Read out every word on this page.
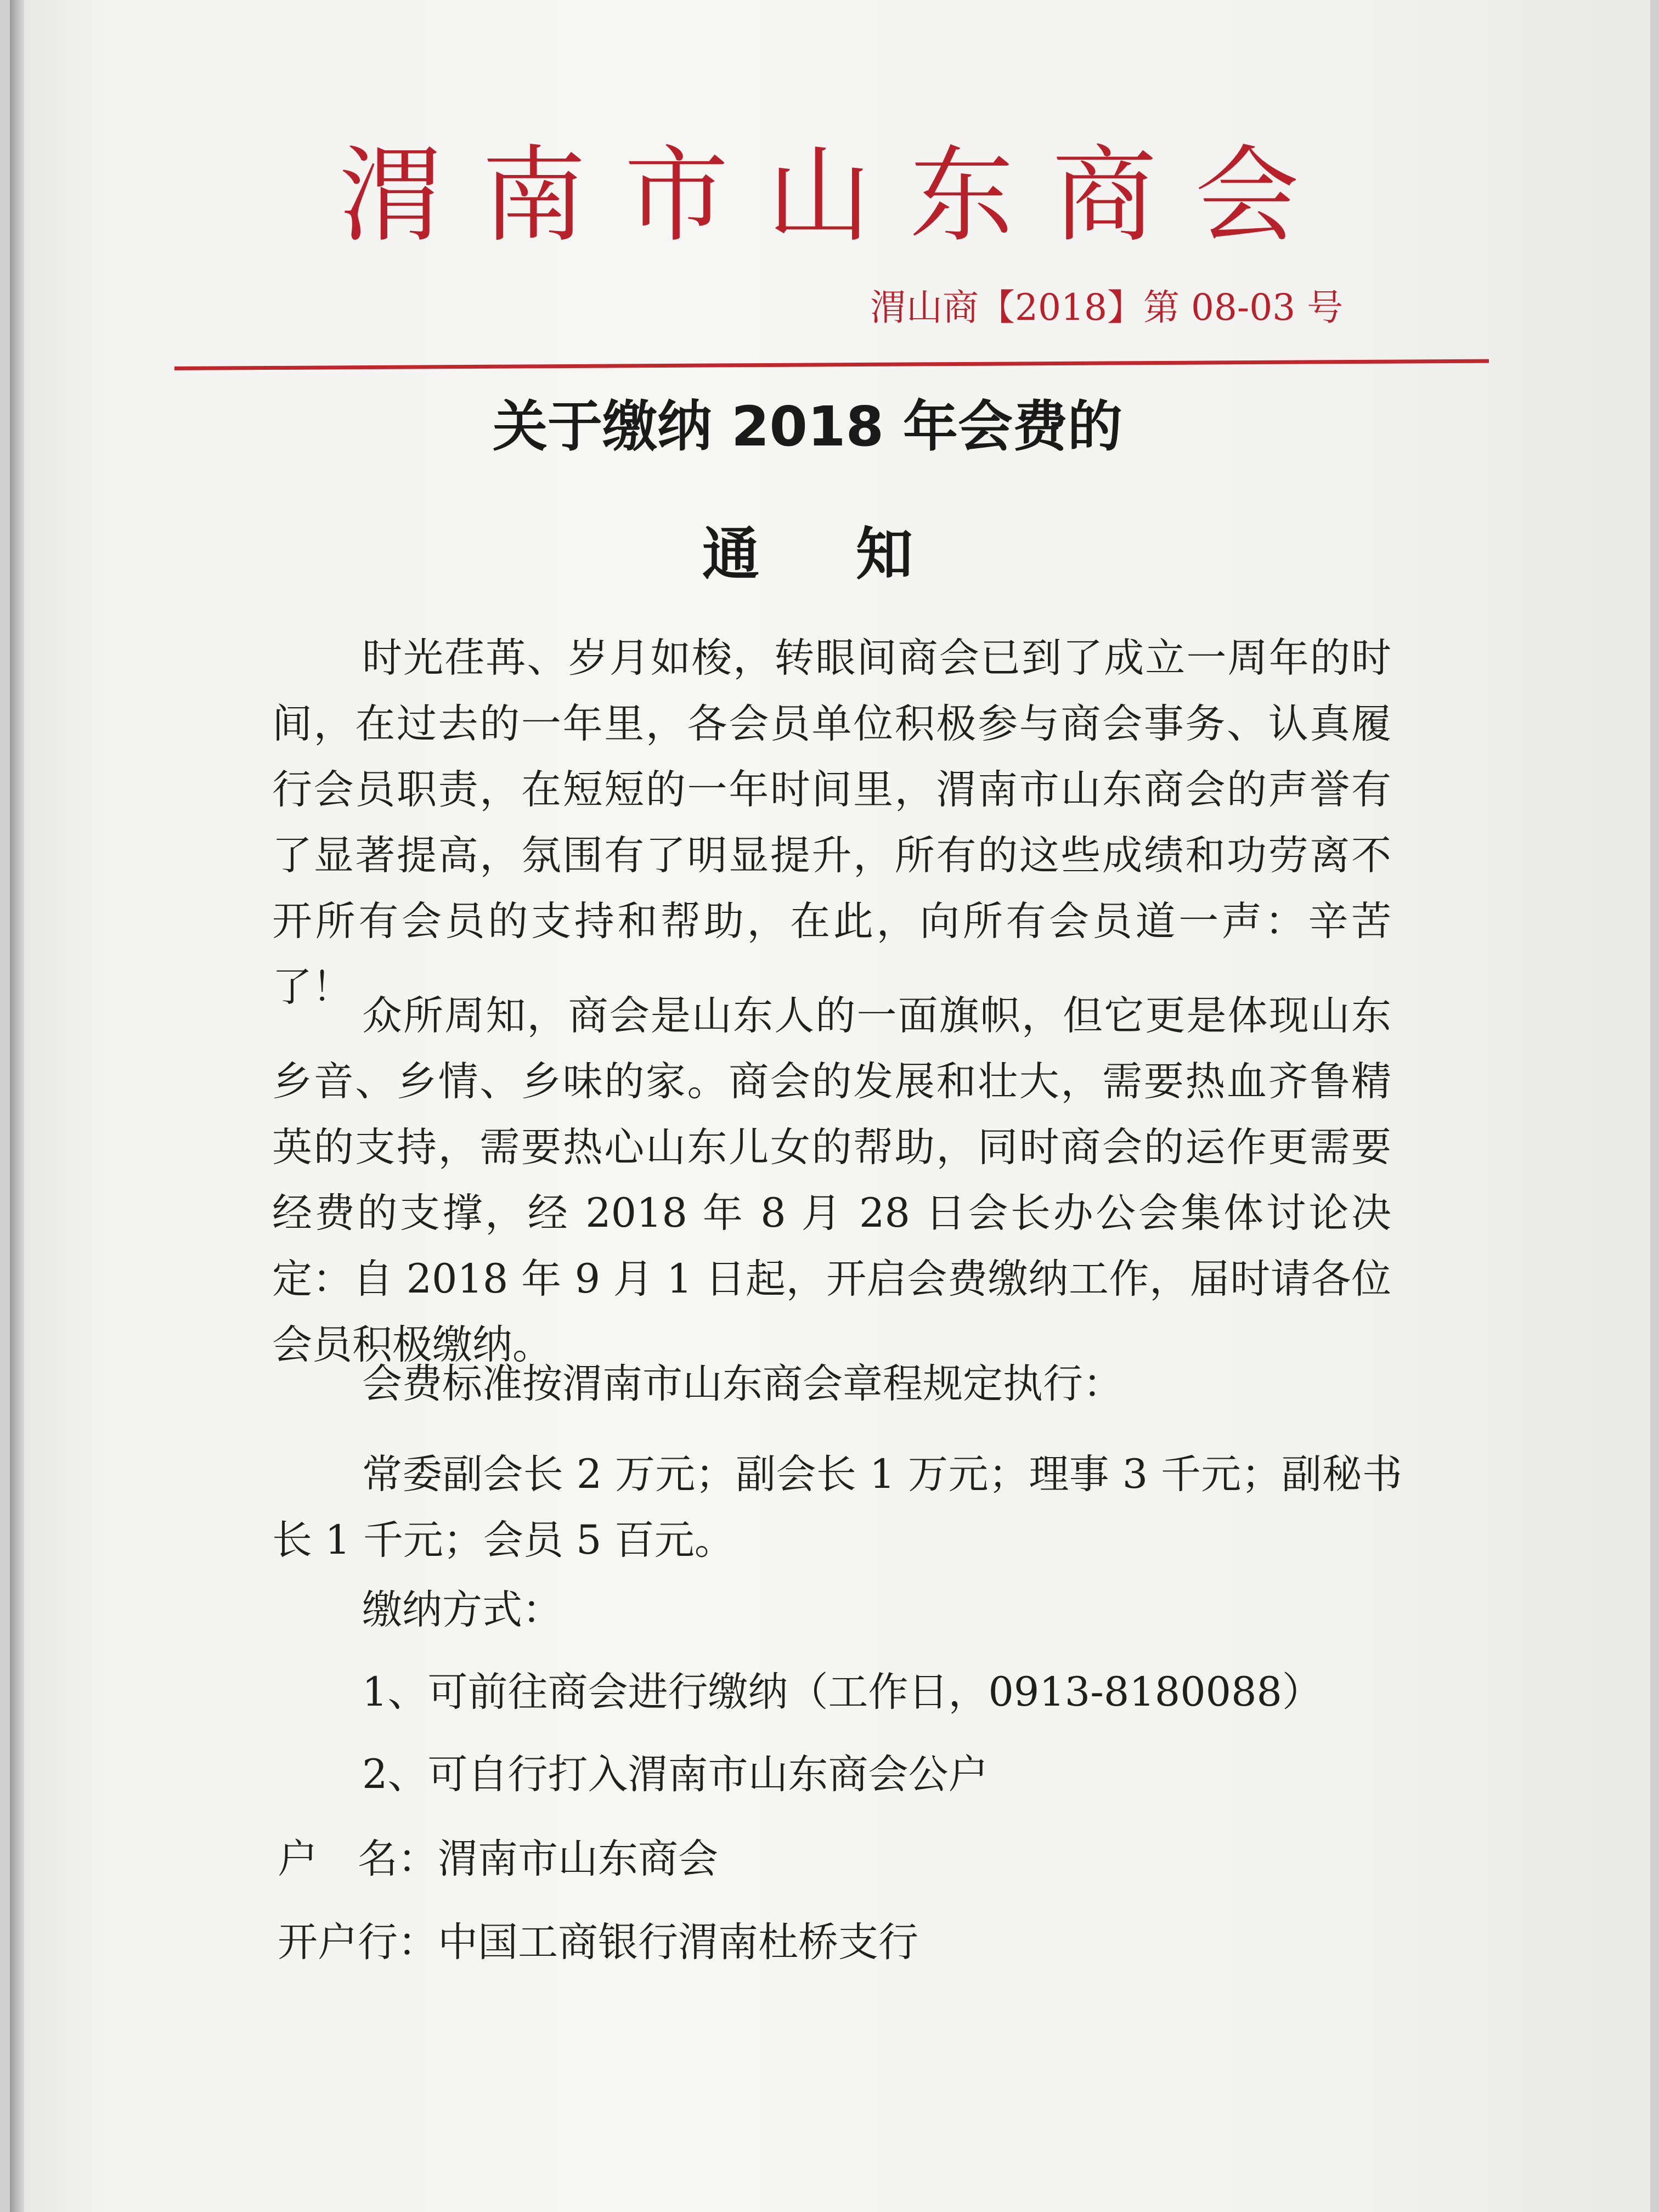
渭南市山东商会
渭山商【2018】第 08-03 号
关于缴纳 2018 年会费的
通知

时光荏苒、岁月如梭，转眼间商会已到了成立一周年的时间，在过去的一年里，各会员单位积极参与商会事务、认真履行会员职责，在短短的一年时间里，渭南市山东商会的声誉有了显著提高，氛围有了明显提升，所有的这些成绩和功劳离不开所有会员的支持和帮助，在此，向所有会员道一声：辛苦了！

众所周知，商会是山东人的一面旗帜，但它更是体现山东乡音、乡情、乡味的家。商会的发展和壮大，需要热血齐鲁精英的支持，需要热心山东儿女的帮助，同时商会的运作更需要经费的支撑，经 2018 年 8 月 28 日会长办公会集体讨论决定：自 2018 年 9 月 1 日起，开启会费缴纳工作，届时请各位会员积极缴纳。

会费标准按渭南市山东商会章程规定执行：

常委副会长 2 万元；副会长 1 万元；理事 3 千元；副秘书长 1 千元；会员 5 百元。

缴纳方式：
1、可前往商会进行缴纳（工作日，0913-8180088）
2、可自行打入渭南市山东商会公户
户　名：渭南市山东商会
开户行：中国工商银行渭南杜桥支行
